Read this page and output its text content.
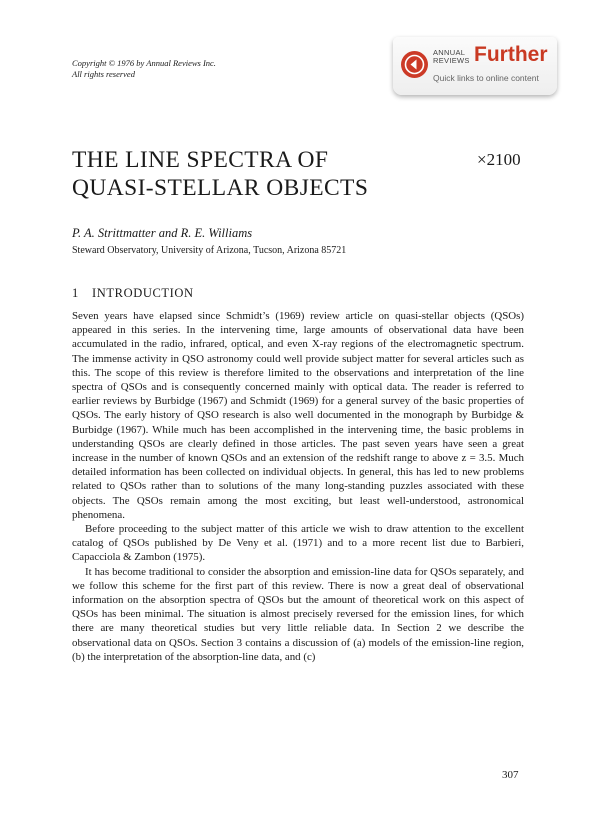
Copyright © 1976 by Annual Reviews Inc.
All rights reserved
ANNUAL
REVIEWS Further
Quick links to online content
THE LINE SPECTRA OF
QUASI-STELLAR OBJECTS
×2100
P. A. Strittmatter and R. E. Williams
Steward Observatory, University of Arizona, Tucson, Arizona 85721
1 INTRODUCTION

Seven years have elapsed since Schmidt’s (1969) review article on quasi-stellar objects (QSOs) appeared in this series. In the intervening time, large amounts of observational data have been accumulated in the radio, infrared, optical, and even X-ray regions of the electromagnetic spectrum. The immense activity in QSO astronomy could well provide subject matter for several articles such as this. The scope of this review is therefore limited to the observations and interpretation of the line spectra of QSOs and is consequently concerned mainly with optical data. The reader is referred to earlier reviews by Burbidge (1967) and Schmidt (1969) for a general survey of the basic properties of QSOs. The early history of QSO research is also well documented in the monograph by Burbidge & Burbidge (1967). While much has been accomplished in the intervening time, the basic problems in understanding QSOs are clearly defined in those articles. The past seven years have seen a great increase in the number of known QSOs and an extension of the redshift range to above z = 3.5. Much detailed information has been collected on individual objects. In general, this has led to new problems related to QSOs rather than to solutions of the many long-standing puzzles associated with these objects. The QSOs remain among the most exciting, but least well-understood, astronomical phenomena.

Before proceeding to the subject matter of this article we wish to draw attention to the excellent catalog of QSOs published by De Veny et al. (1971) and to a more recent list due to Barbieri, Capacciola & Zambon (1975).

It has become traditional to consider the absorption and emission-line data for QSOs separately, and we follow this scheme for the first part of this review. There is now a great deal of observational information on the absorption spectra of QSOs but the amount of theoretical work on this aspect of QSOs has been minimal. The situation is almost precisely reversed for the emission lines, for which there are many theoretical studies but very little reliable data. In Section 2 we describe the observational data on QSOs. Section 3 contains a discussion of (a) models of the emission-line region, (b) the interpretation of the absorption-line data, and (c)

307
